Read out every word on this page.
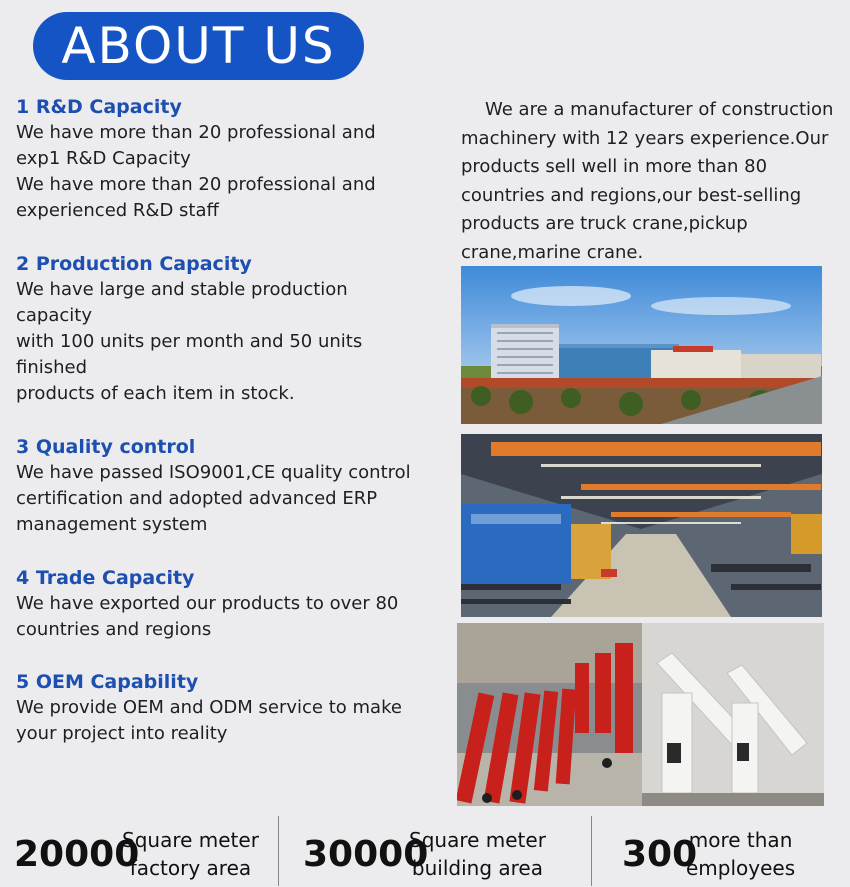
ABOUT US
1 R&D Capacity

We have more than 20 professional and
exp1 R&D Capacity
We have more than 20 professional and
experienced R&D staff

2 Production Capacity

We have large and stable production
capacity
with 100 units per month and 50 units
finished
products of each item in stock.

3 Quality control

We have passed ISO9001,CE quality control
certification and adopted advanced ERP
management system

4 Trade Capacity

We have exported our products to over 80
countries and regions

5 OEM Capability

We provide OEM and ODM service to make
your project into reality

We are a manufacturer of construction machinery with 12 years experience.Our products sell well in more than 80 countries and regions,our best-selling products are truck crane,pickup crane,marine crane.

20000
Square meter
factory area 30000
Square meter
building area 300
more than
employees
